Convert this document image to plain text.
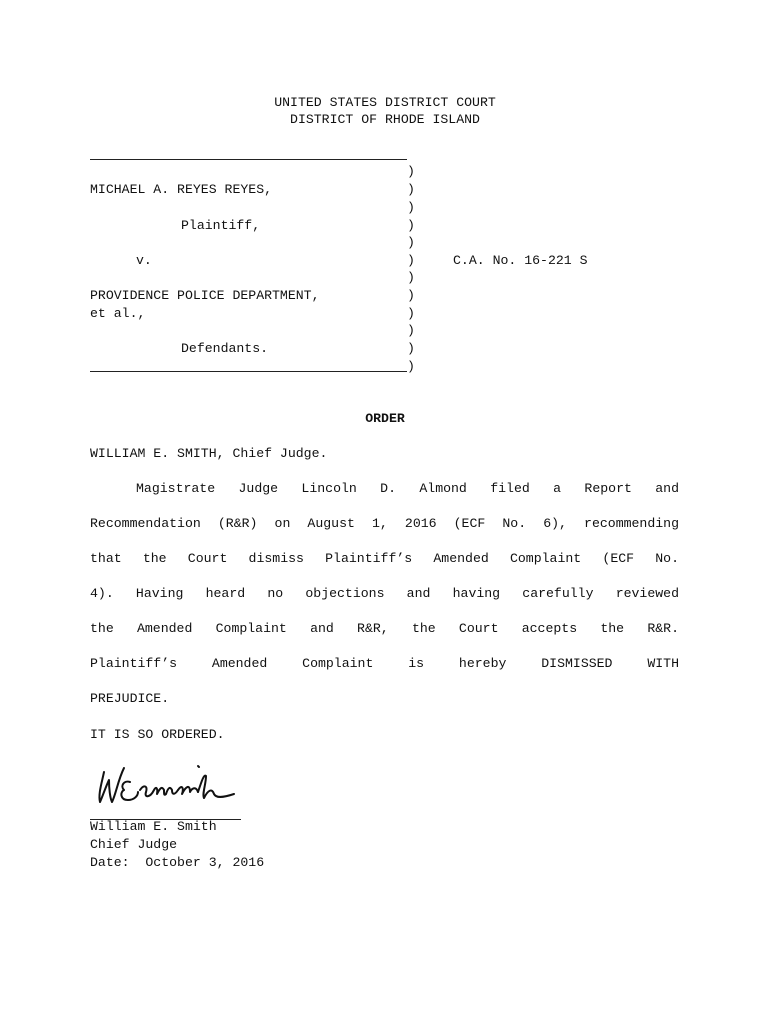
UNITED STATES DISTRICT COURT
DISTRICT OF RHODE ISLAND
MICHAEL A. REYES REYES,
Plaintiff,
v.
PROVIDENCE POLICE DEPARTMENT,
et al.,
Defendants.
)
)
)
)
)
)
)
)
)
)
)
)
C.A. No. 16-221 S
ORDER
WILLIAM E. SMITH, Chief Judge.
Magistrate Judge Lincoln D. Almond filed a Report and
Recommendation (R&R) on August 1, 2016 (ECF No. 6), recommending
that the Court dismiss Plaintiff’s Amended Complaint (ECF No.
4). Having heard no objections and having carefully reviewed
the Amended Complaint and R&R, the Court accepts the R&R.
Plaintiff’s Amended Complaint is hereby DISMISSED WITH
PREJUDICE.
IT IS SO ORDERED.
William E. Smith
Chief Judge
Date:  October 3, 2016
